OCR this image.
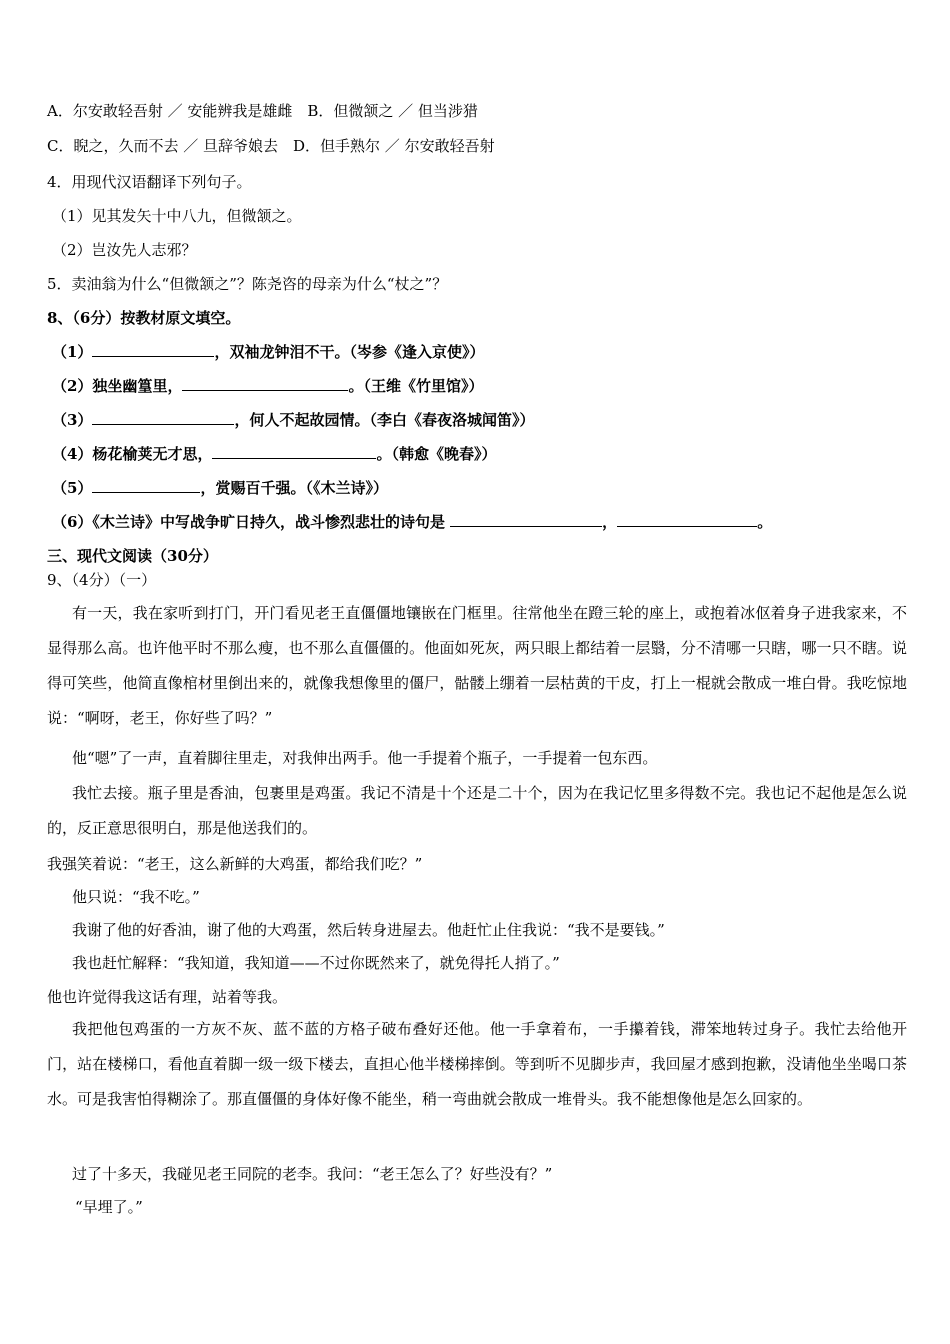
A．尔安敢轻吾射 ／ 安能辨我是雄雌　B．但微颔之 ／ 但当涉猎
C．睨之，久而不去 ／ 旦辞爷娘去　D．但手熟尔 ／ 尔安敢轻吾射
4．用现代汉语翻译下列句子。
（1）见其发矢十中八九，但微颔之。
（2）岂汝先人志邪？
5．卖油翁为什么“但微颔之”？陈尧咨的母亲为什么“杖之”？
8、（6分）按教材原文填空。
（1）	，双袖龙钟泪不干。（岑参《逢入京使》）
（2）独坐幽篁里，	。（王维《竹里馆》）
（3）	，何人不起故园情。（李白《春夜洛城闻笛》）
（4）杨花榆荚无才思，	。（韩愈《晚春》）
（5）	，赏赐百千强。（《木兰诗》）
（6）《木兰诗》中写战争旷日持久，战斗惨烈悲壮的诗句是	，	。
三、现代文阅读（30分）
9、（4分）（一）
有一天，我在家听到打门，开门看见老王直僵僵地镶嵌在门框里。往常他坐在蹬三轮的座上，或抱着冰伛着身子进我家来，不显得那么高。也许他平时不那么瘦，也不那么直僵僵的。他面如死灰，两只眼上都结着一层翳，分不清哪一只瞎，哪一只不瞎。说得可笑些，他简直像棺材里倒出来的，就像我想像里的僵尸，骷髅上绷着一层枯黄的干皮，打上一棍就会散成一堆白骨。我吃惊地说：“啊呀，老王，你好些了吗？”
他“嗯”了一声，直着脚往里走，对我伸出两手。他一手提着个瓶子，一手提着一包东西。
我忙去接。瓶子里是香油，包裹里是鸡蛋。我记不清是十个还是二十个，因为在我记忆里多得数不完。我也记不起他是怎么说的，反正意思很明白，那是他送我们的。
我强笑着说：“老王，这么新鲜的大鸡蛋，都给我们吃？”
他只说：“我不吃。”
我谢了他的好香油，谢了他的大鸡蛋，然后转身进屋去。他赶忙止住我说：“我不是要钱。”
我也赶忙解释：“我知道，我知道——不过你既然来了，就免得托人捎了。”
他也许觉得我这话有理，站着等我。
我把他包鸡蛋的一方灰不灰、蓝不蓝的方格子破布叠好还他。他一手拿着布，一手攥着钱，滞笨地转过身子。我忙去给他开门，站在楼梯口，看他直着脚一级一级下楼去，直担心他半楼梯摔倒。等到听不见脚步声，我回屋才感到抱歉，没请他坐坐喝口茶水。可是我害怕得糊涂了。那直僵僵的身体好像不能坐，稍一弯曲就会散成一堆骨头。我不能想像他是怎么回家的。
过了十多天，我碰见老王同院的老李。我问：“老王怎么了？好些没有？”
“早埋了。”
